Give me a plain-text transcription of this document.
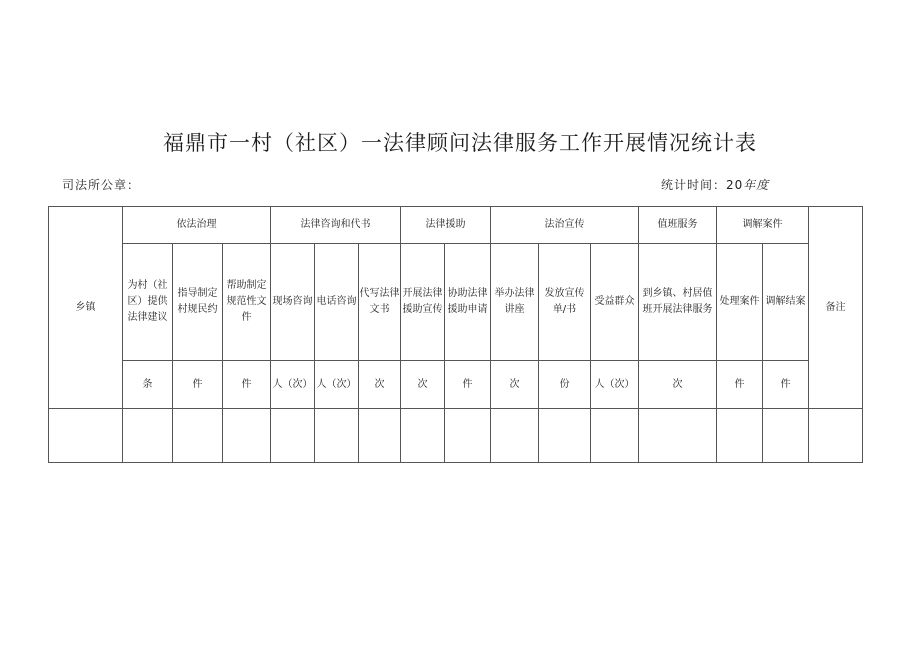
福鼎市一村（社区）一法律顾问法律服务工作开展情况统计表
司法所公章：	统计时间：20年度
乡镇	依法治理			法律咨询和代书			法律援助		法治宣传			值班服务	调解案件		备注
	为村（社区）提供法律建议	指导制定村规民约	帮助制定规范性文件	现场咨询	电话咨询	代写法律文书	开展法律援助宣传	协助法律援助申请	举办法律讲座	发放宣传单/书	受益群众	到乡镇、村居值班开展法律服务	处理案件	调解结案	
	条	件	件	人（次）	人（次）	次	次	件	次	份	人（次）	次	件	件	
